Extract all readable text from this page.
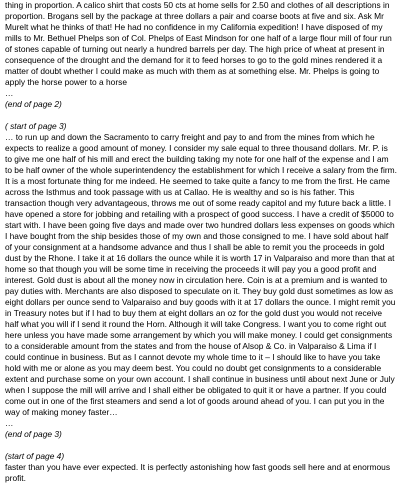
thing in proportion. A calico shirt that costs 50 cts at home sells for 2.50 and clothes of all descriptions in proportion. Brogans sell by the package at three dollars a pair and coarse boots at five and six. Ask Mr Murelt what he thinks of that! He had no confidence in my California expedition! I have disposed of my mills to Mr. Bethuel Phelps son of Col. Phelps of East Mindson for one half of a large flour mill of four run of stones capable of turning out nearly a hundred barrels per day. The high price of wheat at present in consequence of the drought and the demand for it to feed horses to go to the gold mines rendered it a matter of doubt whether I could make as much with them as at something else. Mr. Phelps is going to apply the horse power to a horse

…

(end of page 2)

( start of page 3)

… to run up and down the Sacramento to carry freight and pay to and from the mines from which he expects to realize a good amount of money. I consider my sale equal to three thousand dollars. Mr. P. is to give me one half of his mill and erect the building taking my note for one half of the expense and I am to be half owner of the whole superintendency the establishment for which I receive a salary from the firm. It is a most fortunate thing for me indeed. He seemed to take quite a fancy to me from the first. He came across the Isthmus and took passage with us at Callao. He is wealthy and so is his father. This transaction though very advantageous, throws me out of some ready capitol and my future back a little. I have opened a store for jobbing and retailing with a prospect of good success. I have a credit of $5000 to start with. I have been going five days and made over two hundred dollars less expenses on goods which I have bought from the ship besides those of my own and those consigned to me. I have sold about half of your consignment at a handsome advance and thus I shall be able to remit you the proceeds in gold dust by the Rhone. I take it at 16 dollars the ounce while it is worth 17 in Valparaiso and more than that at home so that though you will be some time in receiving the proceeds it will pay you a good profit and interest. Gold dust is about all the money now in circulation here. Coin is at a premium and is wanted to pay duties with. Merchants are also disposed to speculate on it. They buy gold dust sometimes as low as eight dollars per ounce send to Valparaiso and buy goods with it at 17 dollars the ounce. I might remit you in Treasury notes but if I had to buy them at eight dollars an oz for the gold dust you would not receive half what you will if I send it round the Horn. Although it will take Congress. I want you to come right out here unless you have made some arrangement by which you will make money. I could get consignments to a considerable amount from the states and from the house of Alsop & Co. in Valparaiso & Lima if I could continue in business. But as I cannot devote my whole time to it – I should like to have you take hold with me or alone as you may deem best. You could no doubt get consignments to a considerable extent and purchase some on your own account. I shall continue in business until about next June or July when I suppose the mill will arrive and I shall either be obligated to quit it or have a partner. If you could come out in one of the first steamers and send a lot of goods around ahead of you. I can put you in the way of making money faster…

…

(end of page 3)

(start of page 4)

faster than you have ever expected. It is perfectly astonishing how fast goods sell here and at enormous profit.
